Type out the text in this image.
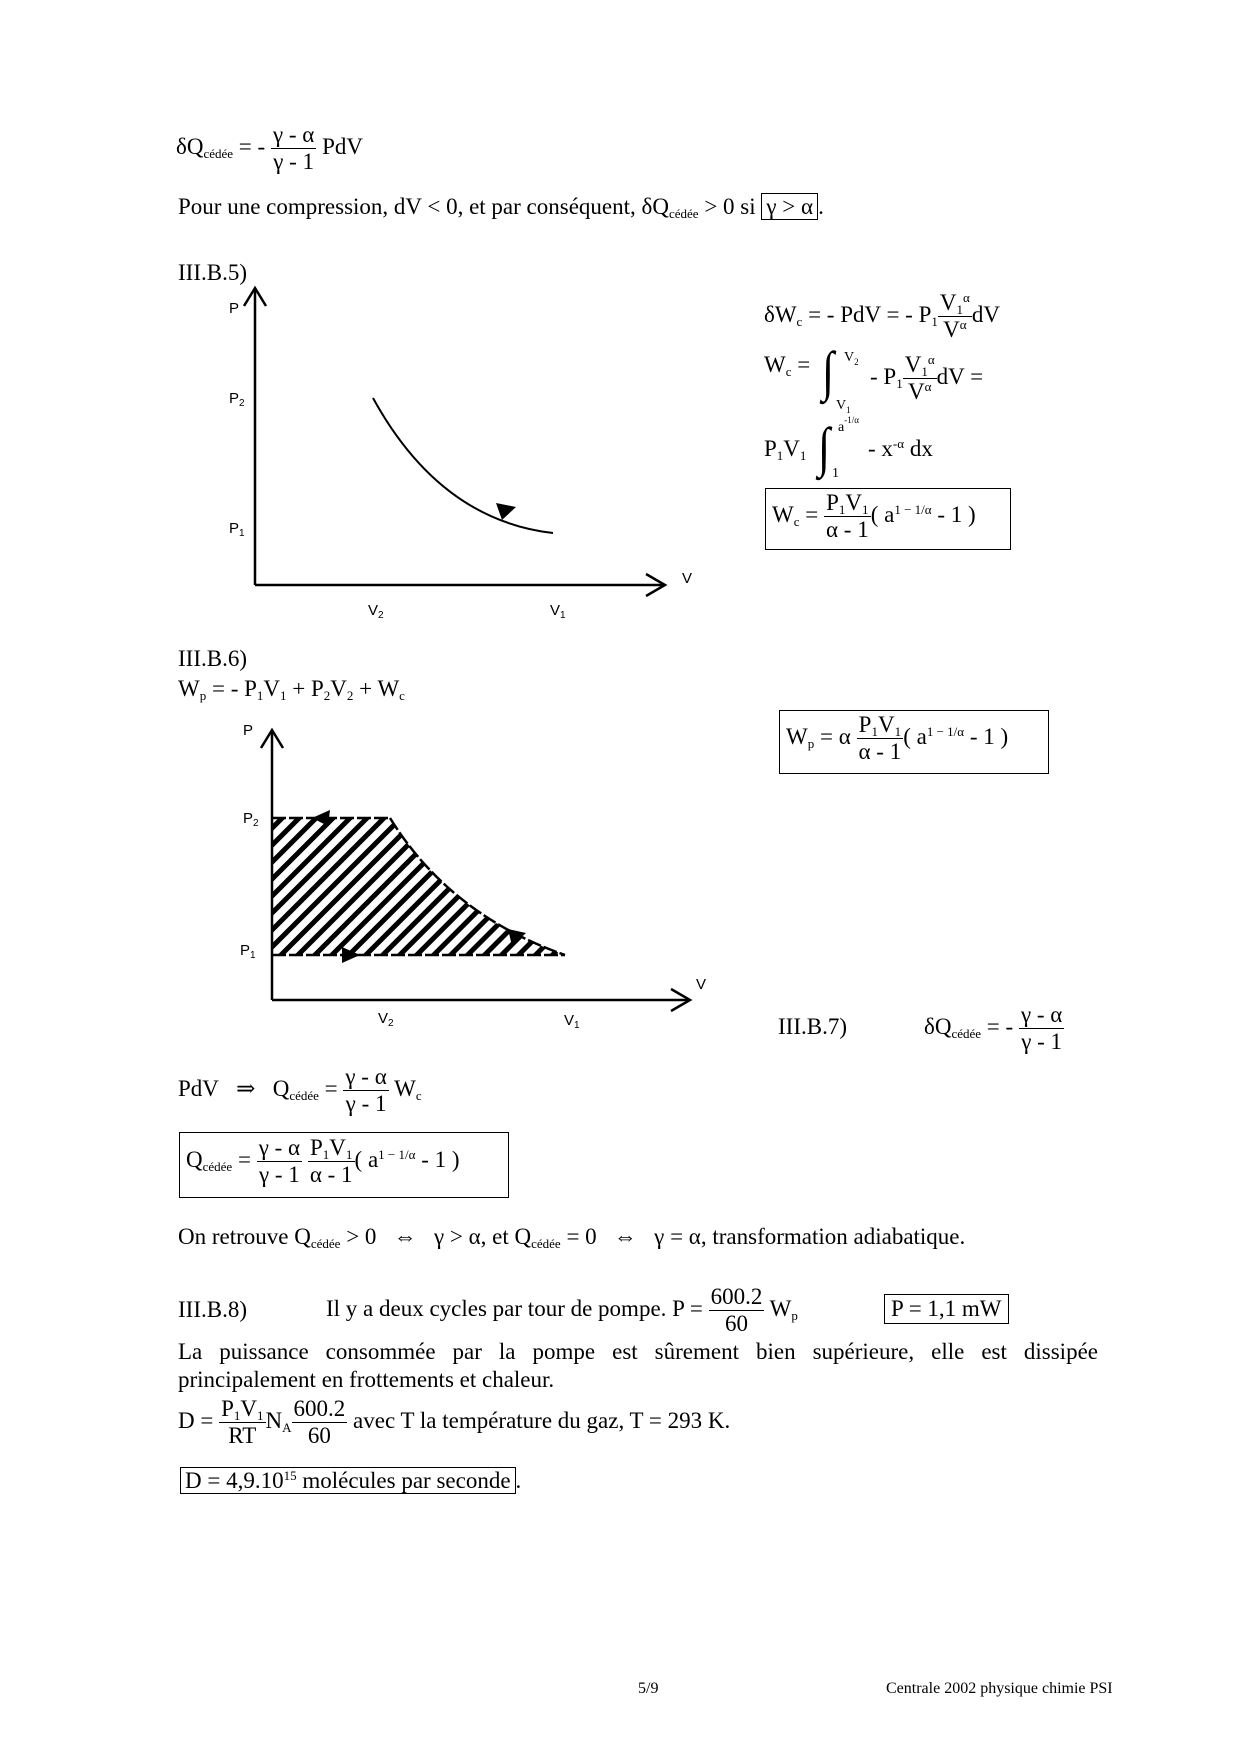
$\delta Q_{cédée}$ = - $\frac{\gamma - \alpha}{\gamma - 1}$ PdV
Pour une compression, dV < 0, et par conséquent, $\delta Q_{cédée} > 0$ si γ > α .
III.B.5)
P
$P_2$
$P_1$
V
$V_2$	$V_1$
$\delta W_c$ = - PdV = - $P_1 \frac{V_1^\alpha}{V^\alpha}$ dV
$W_c$ = ∫ $V_2$
$V_1$
- $P_1 \frac{V_1^\alpha}{V^\alpha}$ dV =
$P_1V_1$ ∫ $a^{-1/\alpha}$
1
- $x^{-\alpha}$ dx
$W_c = \frac{P_1V_1}{\alpha - 1}$ ( $a^{1 - 1/\alpha} - 1$ )
III.B.6)
$W_p$ = - $P_1V_1 + P_2V_2 + W_c$
P
$P_2$
$P_1$
V
$V_2$	$V_1$
$W_p = \alpha \frac{P_1V_1}{\alpha - 1}$ ( $a^{1 - 1/\alpha} - 1$ )
III.B.7)	$\delta Q_{cédée}$ = - $\frac{\gamma - \alpha}{\gamma - 1}$
PdV ⇒ $Q_{cédée} = \frac{\gamma - \alpha}{\gamma - 1} W_c$
$Q_{cédée} = \frac{\gamma - \alpha}{\gamma - 1}$
$\frac{P_1V_1}{\alpha - 1}$ ( $a^{1 - 1/\alpha} - 1$ )
On retrouve $Q_{cédée} > 0$   ⇔   γ > α, et $Q_{cédée} = 0$   ⇔   γ = α, transformation adiabatique.
III.B.8)	Il y a deux cycles par tour de pompe. $P = \frac{600.2}{60} W_p$	P = 1,1 mW
La puissance consommée par la pompe est sûrement bien supérieure, elle est dissipée principalement en frottements et chaleur.
$D = \frac{P_1V_1}{RT} N_A \frac{600.2}{60}$ avec T la température du gaz, T = 293 K.
$D = 4,9.10^{15}$ molécules par seconde .
5/9	Centrale 2002 physique chimie PSI
